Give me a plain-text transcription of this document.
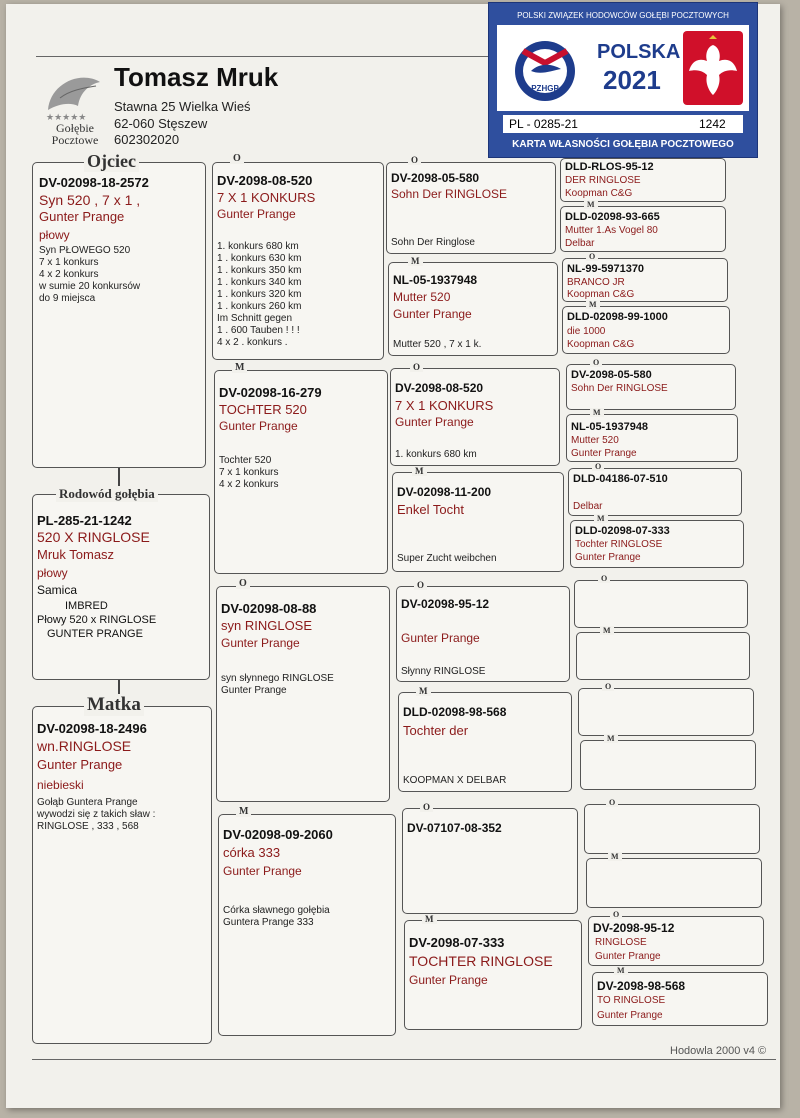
★★★★★
Gołębie
Pocztowe
Tomasz Mruk
Stawna 25 Wielka Wieś
62-060 Stęszew
602302020
Hodowla 2000 v4 ©
POLSKI ZWIĄZEK HODOWCÓW GOŁĘBI POCZTOWYCH
PZHGP
POLSKA
2021
PL - 0285-21	1242
KARTA WŁASNOŚCI GOŁĘBIA POCZTOWEGO
DV-02098-18-2572
Syn 520 , 7 x 1 ,
Gunter Prange
płowy
Syn PŁOWEGO 520
7 x 1 konkurs
4 x 2 konkurs
w sumie 20 konkursów
do 9 miejsca
Ojciec
PL-285-21-1242
520 X RINGLOSE
Mruk Tomasz
płowy
Samica
IMBRED
Płowy 520 x RINGLOSE
GUNTER PRANGE
Rodowód gołębia
DV-02098-18-2496
wn.RINGLOSE
Gunter Prange
niebieski
Gołąb Guntera Prange
wywodzi się z takich sław :
RINGLOSE , 333 , 568
Matka
DV-2098-08-520
7 X 1 KONKURS
Gunter Prange
1. konkurs 680 km
1 . konkurs 630 km
1 . konkurs 350 km
1 . konkurs 340 km
1 . konkurs 320 km
1 . konkurs 260 km
Im Schnitt gegen
1 . 600 Tauben ! ! !
4 x 2 . konkurs .
O
DV-02098-16-279
TOCHTER 520
Gunter Prange
Tochter 520
7 x 1 konkurs
4 x 2 konkurs
M
DV-02098-08-88
syn RINGLOSE
Gunter Prange
syn słynnego RINGLOSE
Gunter Prange
O
DV-02098-09-2060
córka 333
Gunter Prange
Córka sławnego gołębia
Guntera Prange 333
M
DV-2098-05-580
Sohn Der RINGLOSE
Sohn Der Ringlose
O
NL-05-1937948
Mutter 520
Gunter Prange
Mutter 520 , 7 x 1 k.
M
DV-2098-08-520
7 X 1 KONKURS
Gunter Prange
1. konkurs 680 km
O
DV-02098-11-200
Enkel Tocht
Super Zucht weibchen
M
DV-02098-95-12
Gunter Prange
Słynny RINGLOSE
O
DLD-02098-98-568
Tochter der
KOOPMAN X DELBAR
M
DV-07107-08-352
O
DV-2098-07-333
TOCHTER RINGLOSE
Gunter Prange
M
DLD-RLOS-95-12
DER RINGLOSE
Koopman C&G
DLD-02098-93-665
Mutter 1.As Vogel 80
Delbar
M
NL-99-5971370
BRANCO JR
Koopman C&G
O
DLD-02098-99-1000
die 1000
Koopman C&G
M
DV-2098-05-580
Sohn Der RINGLOSE
O
NL-05-1937948
Mutter 520
Gunter Prange
M
DLD-04186-07-510
Delbar
O
DLD-02098-07-333
Tochter RINGLOSE
Gunter Prange
M
O
M
O
M
O
M
DV-2098-95-12
RINGLOSE
Gunter Prange
O
DV-2098-98-568
TO RINGLOSE
Gunter Prange
M
